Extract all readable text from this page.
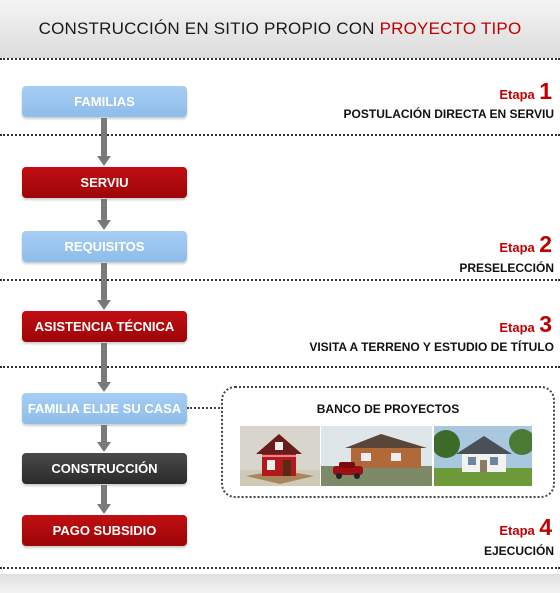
CONSTRUCCIÓN EN SITIO PROPIO CON PROYECTO TIPO
FAMILIAS
SERVIU
REQUISITOS
ASISTENCIA TÉCNICA
FAMILIA ELIJE SU CASA
CONSTRUCCIÓN
PAGO SUBSIDIO
Etapa 1
POSTULACIÓN DIRECTA EN SERVIU
Etapa 2
PRESELECCIÓN
Etapa 3
VISITA A TERRENO Y ESTUDIO DE TÍTULO
Etapa 4
EJECUCIÓN
BANCO DE PROYECTOS
